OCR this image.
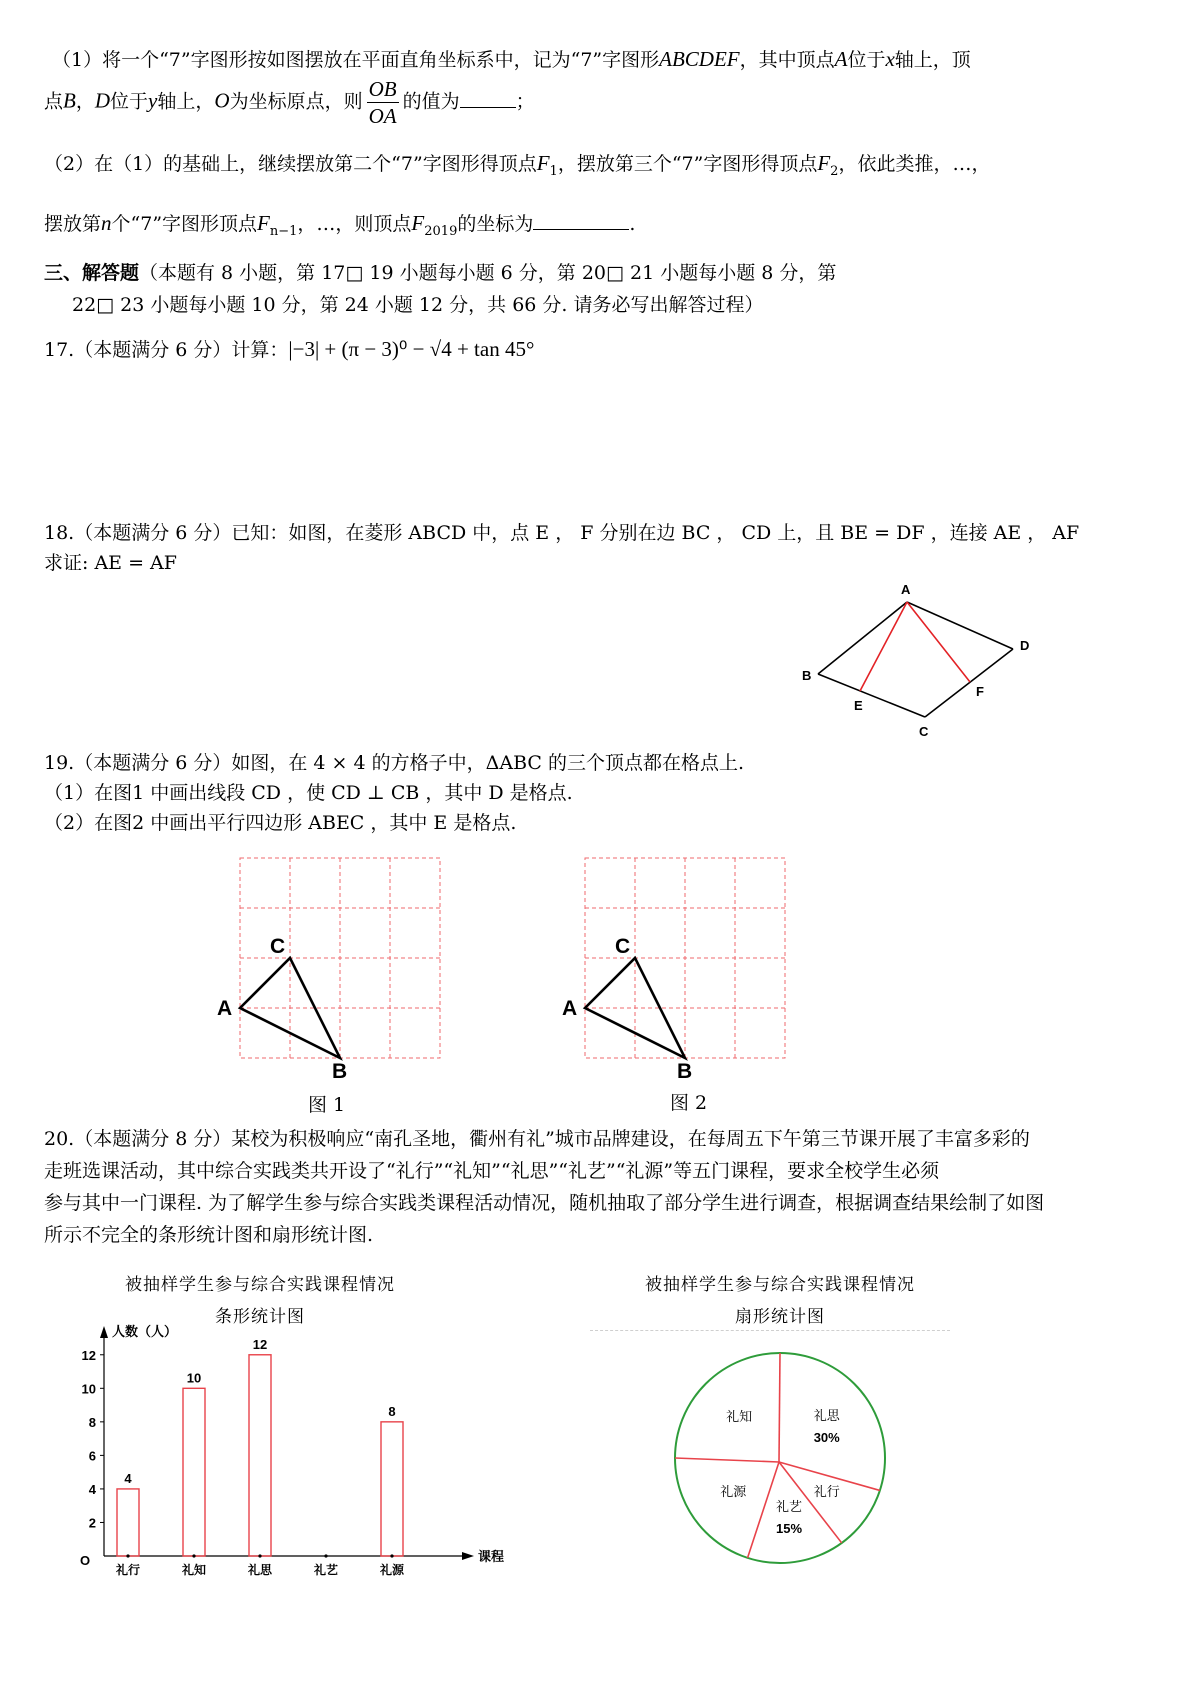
（1）将一个“7”字图形按如图摆放在平面直角坐标系中，记为“7”字图形ABCDEF，其中顶点A位于x轴上，顶
点B，D位于y轴上，O为坐标原点，则 $\frac{OB}{OA}$ 的值为	；
（2）在（1）的基础上，继续摆放第二个“7”字图形得顶点$F_1$，摆放第三个“7”字图形得顶点$F_2$，依此类推，…，
摆放第n个“7”字图形顶点$F_{n-1}$，…，则顶点$F_{2019}$的坐标为	.
三、解答题（本题有 8 小题，第 17□ 19 小题每小题 6 分，第 20□ 21 小题每小题 8 分，第
22□ 23 小题每小题 10 分，第 24 小题 12 分，共 66 分. 请务必写出解答过程）
17.（本题满分 6 分）计算：|−3| + (π − 3)⁰ − √4 + tan 45°
18.（本题满分 6 分）已知：如图，在菱形 ABCD 中，点 E ， F 分别在边 BC ， CD 上，且 BE = DF ，连接 AE ， AF
求证: AE = AF
A
D
B
E
F
C
19.（本题满分 6 分）如图，在 4 × 4 的方格子中，ΔABC 的三个顶点都在格点上.
（1）在图1 中画出线段 CD ，使 CD ⊥ CB ，其中 D 是格点.
（2）在图2 中画出平行四边形 ABEC ，其中 E 是格点.
A
C
B
图 1
A
C
B
图 2
20.（本题满分 8 分）某校为积极响应“南孔圣地，衢州有礼”城市品牌建设，在每周五下午第三节课开展了丰富多彩的
走班选课活动，其中综合实践类共开设了“礼行”“礼知”“礼思”“礼艺”“礼源”等五门课程，要求全校学生必须
参与其中一门课程. 为了解学生参与综合实践类课程活动情况，随机抽取了部分学生进行调查，根据调查结果绘制了如图
所示不完全的条形统计图和扇形统计图.
被抽样学生参与综合实践课程情况
条形统计图
人数（人）
课程
O
2
4
6
8
10
12
4
10
12
8
礼行	礼知	礼思	礼艺	礼源
被抽样学生参与综合实践课程情况
扇形统计图
礼思
30%
礼行
礼艺
15%
礼源
礼知
